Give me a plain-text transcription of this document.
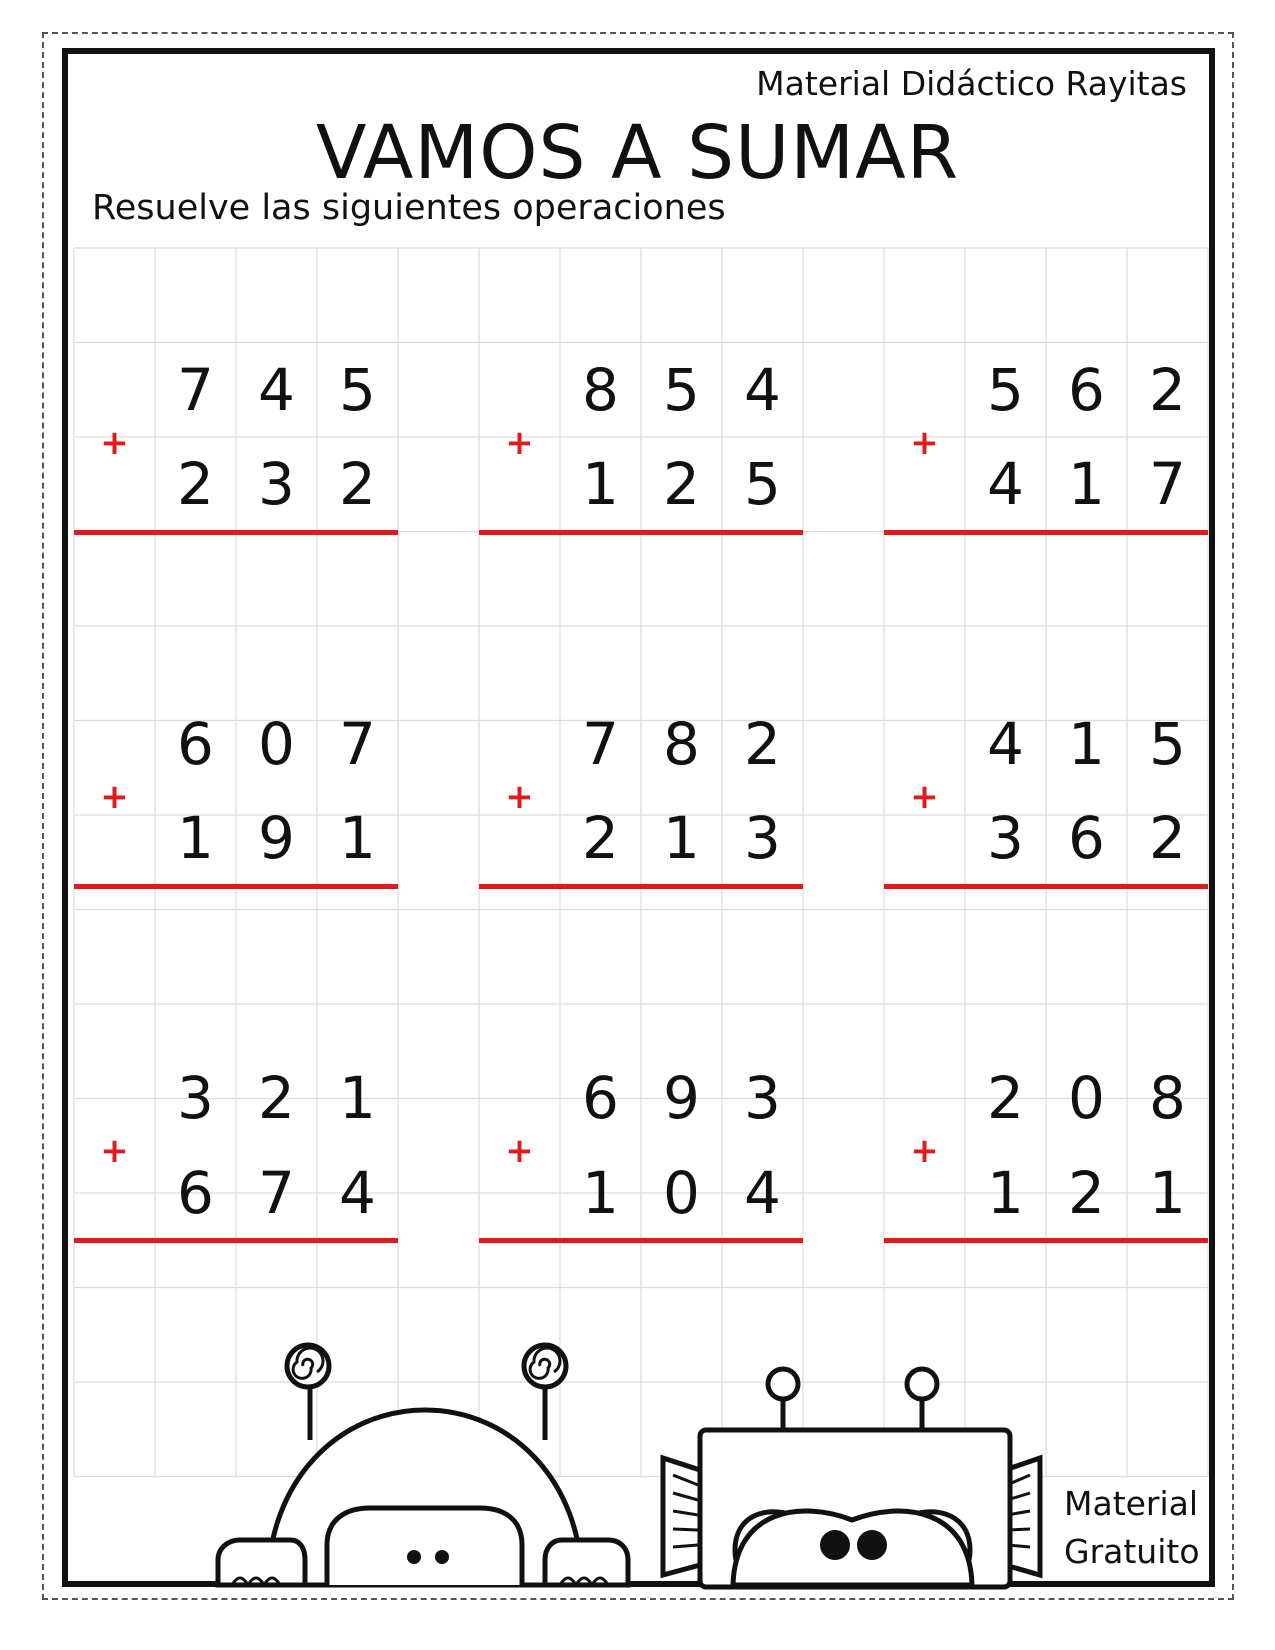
Material Didáctico Rayitas
VAMOS A SUMAR
Resuelve las siguientes operaciones
+
7 4 5
2 3 2
+
8 5 4
1 2 5
+
5 6 2
4 1 7
+
6 0 7
1 9 1
+
7 8 2
2 1 3
+
4 1 5
3 6 2
+
3 2 1
6 7 4
+
6 9 3
1 0 4
+
2 0 8
1 2 1
Material
Gratuito
